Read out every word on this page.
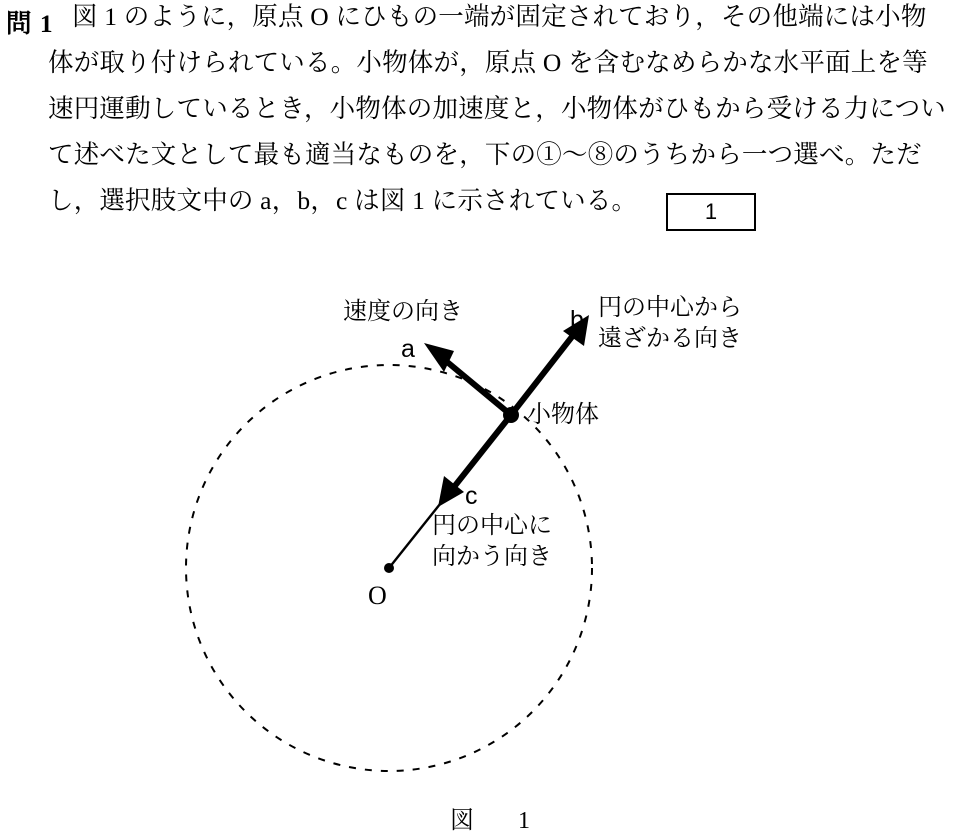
問 1 図 1 のように，原点 O にひもの一端が固定されており，その他端には小物
体が取り付けられている。小物体が，原点 O を含むなめらかな水平面上を等
速円運動しているとき，小物体の加速度と，小物体がひもから受ける力につい
て述べた文として最も適当なものを，下の①～⑧のうちから一つ選べ。ただ
し，選択肢文中の a，b，c は図 1 に示されている。	1
速度の向き
a
b 円の中心から
遠ざかる向き
小物体
c
円の中心に
向かう向き
O
図　1
